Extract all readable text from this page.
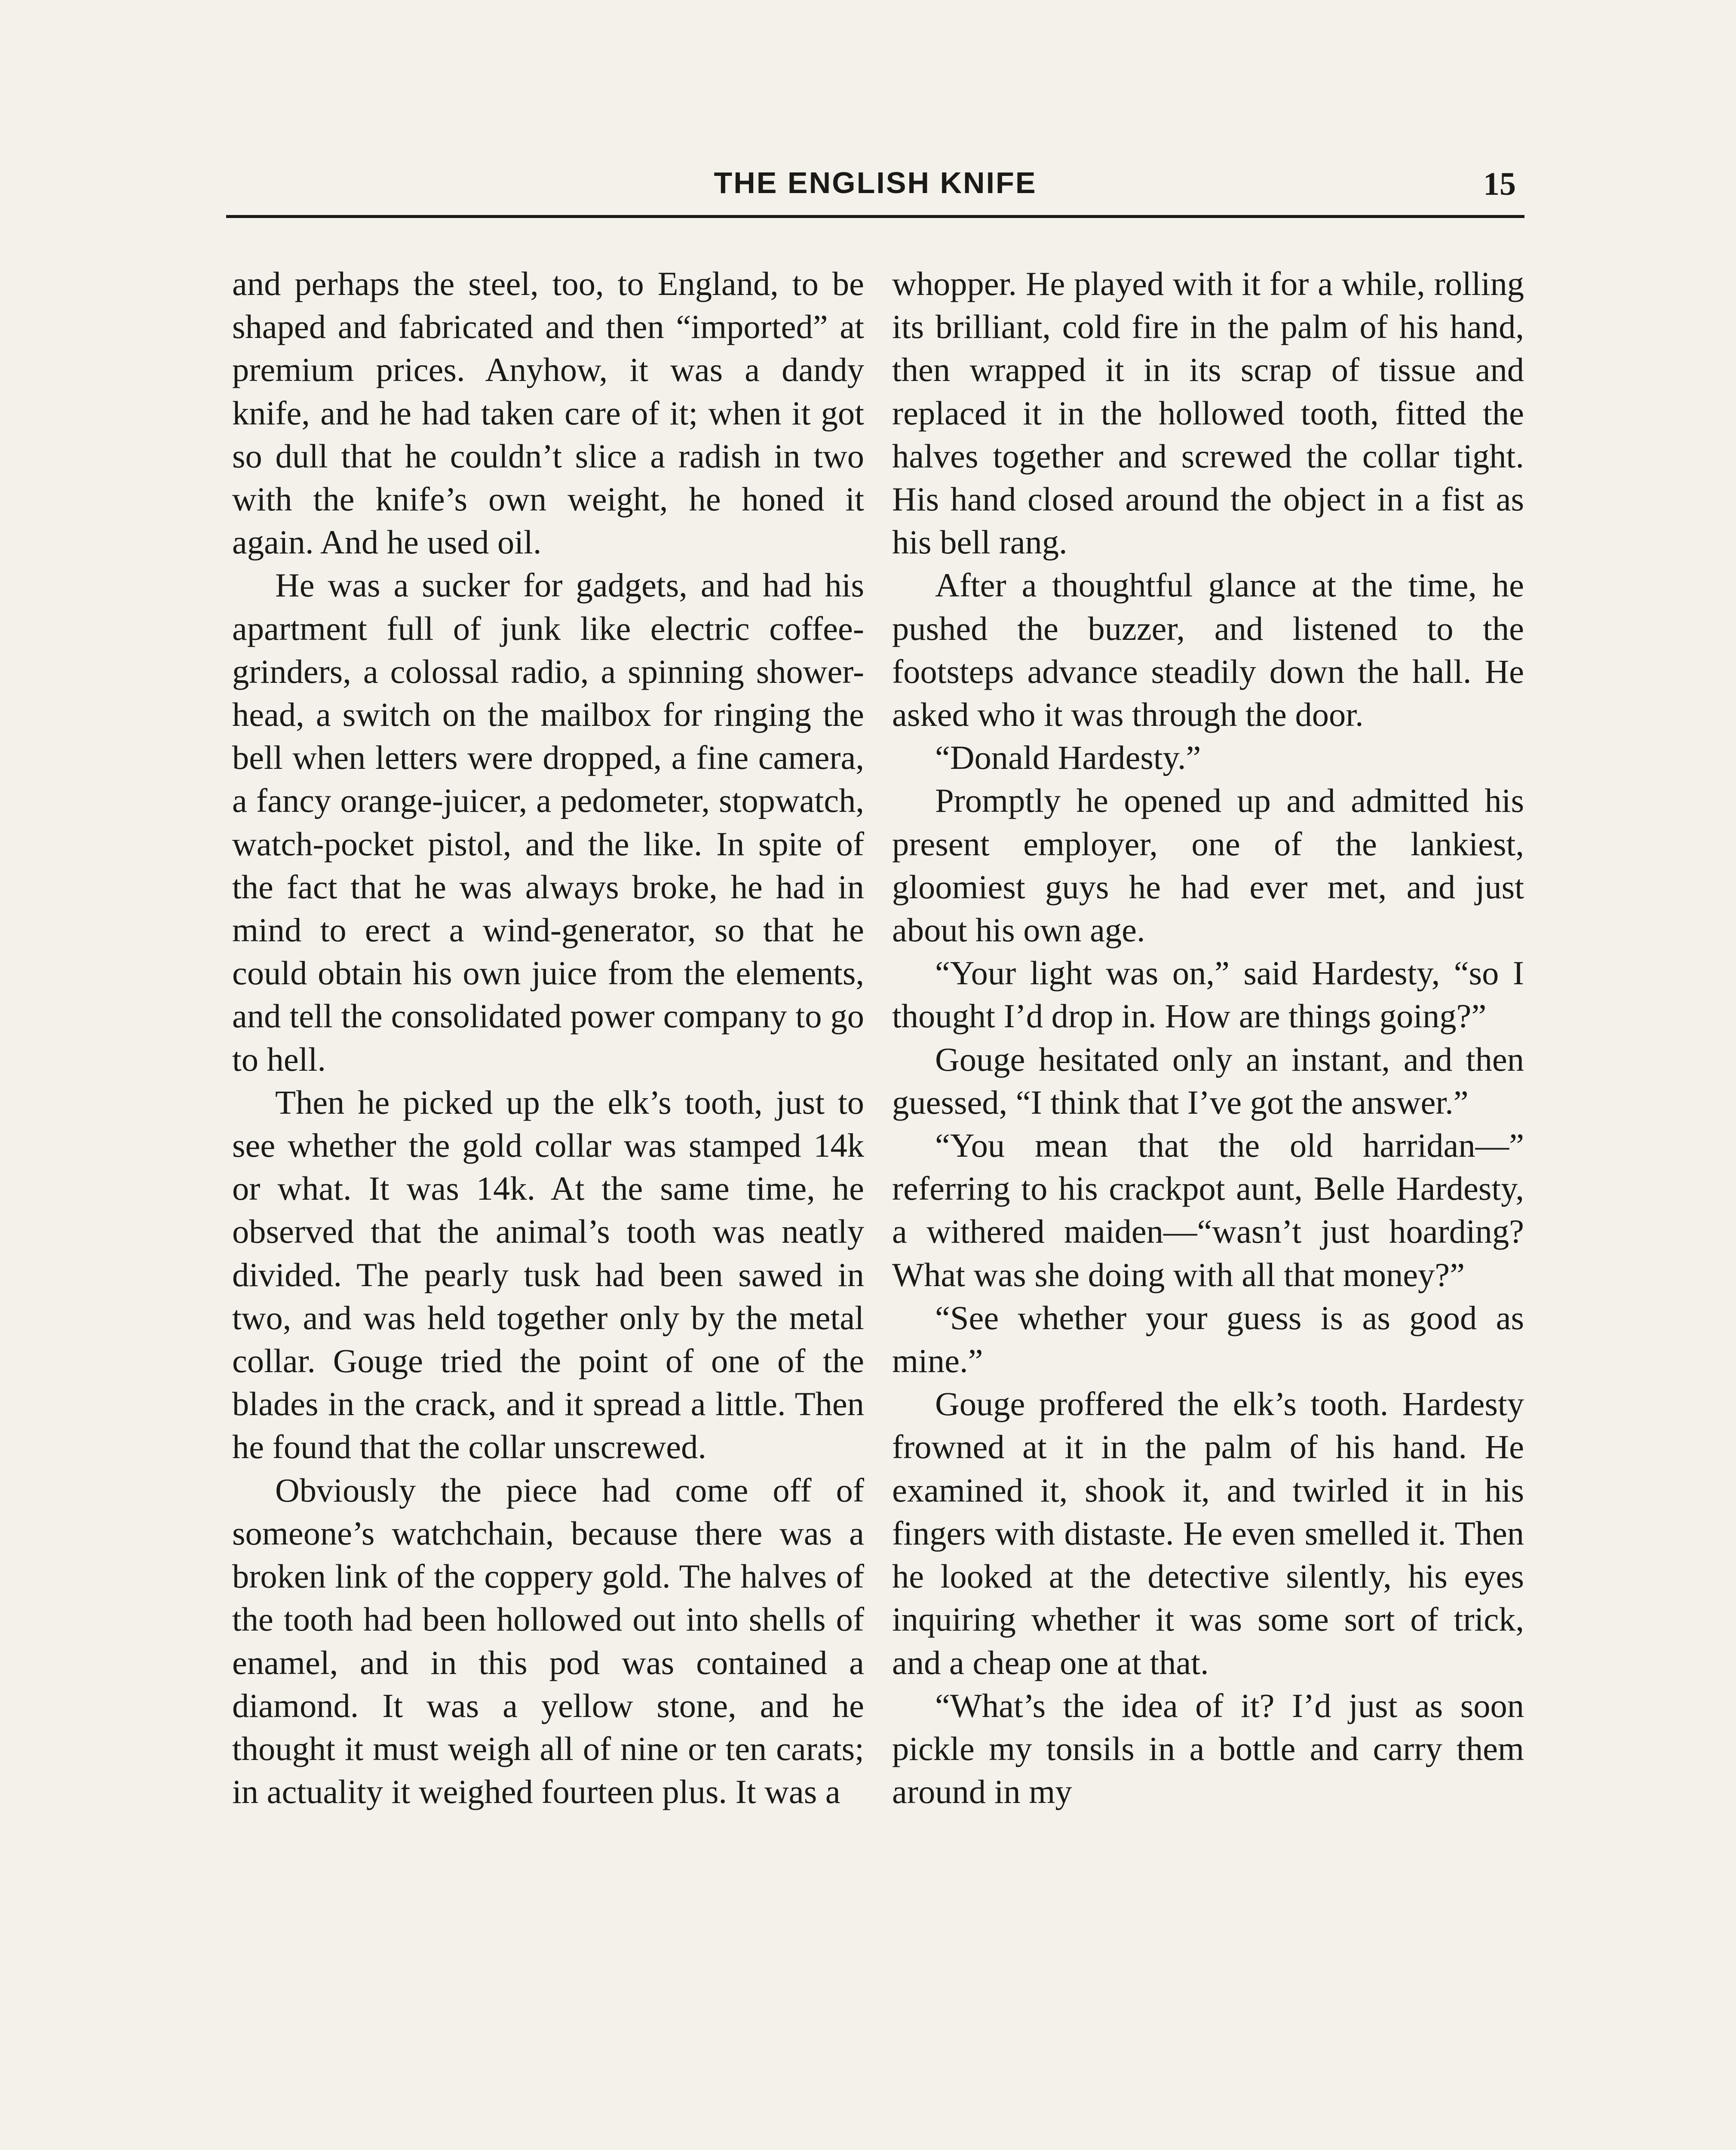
THE ENGLISH KNIFE	15

and perhaps the steel, too, to England, to be shaped and fabricated and then “imported” at premium prices. Anyhow, it was a dandy knife, and he had taken care of it; when it got so dull that he couldn’t slice a radish in two with the knife’s own weight, he honed it again. And he used oil.

He was a sucker for gadgets, and had his apartment full of junk like electric coffee-grinders, a colossal radio, a spinning shower-head, a switch on the mailbox for ringing the bell when letters were dropped, a fine camera, a fancy orange-juicer, a pedometer, stopwatch, watch-pocket pistol, and the like. In spite of the fact that he was always broke, he had in mind to erect a wind-generator, so that he could obtain his own juice from the elements, and tell the consolidated power company to go to hell.

Then he picked up the elk’s tooth, just to see whether the gold collar was stamped 14k or what. It was 14k. At the same time, he observed that the animal’s tooth was neatly divided. The pearly tusk had been sawed in two, and was held together only by the metal collar. Gouge tried the point of one of the blades in the crack, and it spread a little. Then he found that the collar unscrewed.

Obviously the piece had come off of someone’s watchchain, because there was a broken link of the coppery gold. The halves of the tooth had been hollowed out into shells of enamel, and in this pod was contained a diamond. It was a yellow stone, and he thought it must weigh all of nine or ten carats; in actuality it weighed fourteen plus. It was a

whopper. He played with it for a while, rolling its brilliant, cold fire in the palm of his hand, then wrapped it in its scrap of tissue and replaced it in the hollowed tooth, fitted the halves together and screwed the collar tight. His hand closed around the object in a fist as his bell rang.

After a thoughtful glance at the time, he pushed the buzzer, and listened to the footsteps advance steadily down the hall. He asked who it was through the door.

“Donald Hardesty.”

Promptly he opened up and admitted his present employer, one of the lankiest, gloomiest guys he had ever met, and just about his own age.

“Your light was on,” said Hardesty, “so I thought I’d drop in. How are things going?”

Gouge hesitated only an instant, and then guessed, “I think that I’ve got the answer.”

“You mean that the old harridan—” referring to his crackpot aunt, Belle Hardesty, a withered maiden—“wasn’t just hoarding? What was she doing with all that money?”

“See whether your guess is as good as mine.”

Gouge proffered the elk’s tooth. Hardesty frowned at it in the palm of his hand. He examined it, shook it, and twirled it in his fingers with distaste. He even smelled it. Then he looked at the detective silently, his eyes inquiring whether it was some sort of trick, and a cheap one at that.

“What’s the idea of it? I’d just as soon pickle my tonsils in a bottle and carry them around in my
